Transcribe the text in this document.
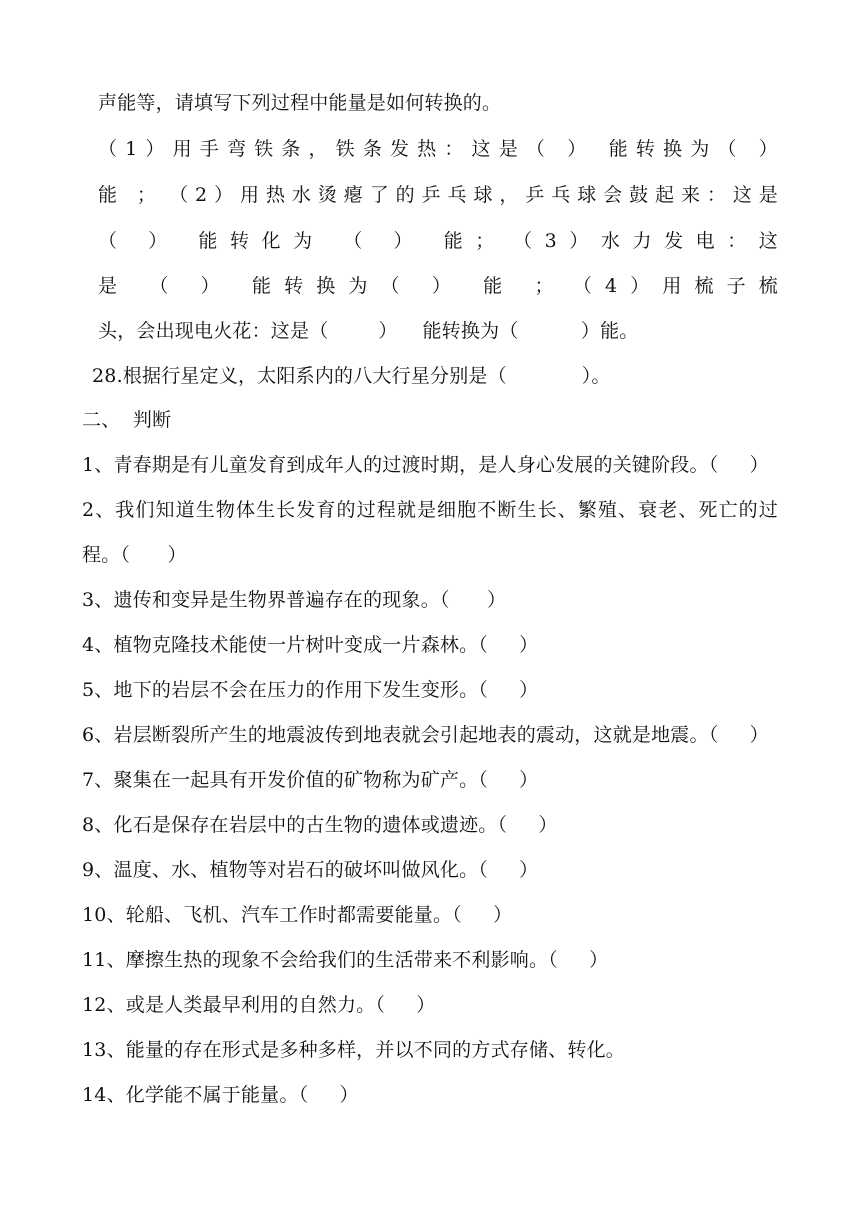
声能等，请填写下列过程中能量是如何转换的。
（1）用手弯铁条，铁条发热：这是（ ） 能转换为（ ）
能 ； （2）用热水烫瘪了的乒乓球，乒乓球会鼓起来：这是
（ ） 能转化为 （ ） 能； （3）水力发电：这
是 （ ） 能转换为（ ） 能 ； （4）用梳子梳
头，会出现电火花：这是（        ）    能转换为（          ）能。
28.根据行星定义，太阳系内的八大行星分别是（            ）。
二、  判断
1、青春期是有儿童发育到成年人的过渡时期，是人身心发展的关键阶段。（     ）
2、我们知道生物体生长发育的过程就是细胞不断生长、繁殖、衰老、死亡的过
程。（      ）
3、遗传和变异是生物界普遍存在的现象。（      ）
4、植物克隆技术能使一片树叶变成一片森林。（     ）
5、地下的岩层不会在压力的作用下发生变形。（     ）
6、岩层断裂所产生的地震波传到地表就会引起地表的震动，这就是地震。（     ）
7、聚集在一起具有开发价值的矿物称为矿产。（     ）
8、化石是保存在岩层中的古生物的遗体或遗迹。（     ）
9、温度、水、植物等对岩石的破坏叫做风化。（     ）
10、轮船、飞机、汽车工作时都需要能量。（     ）
11、摩擦生热的现象不会给我们的生活带来不利影响。（     ）
12、或是人类最早利用的自然力。（     ）
13、能量的存在形式是多种多样，并以不同的方式存储、转化。
14、化学能不属于能量。（     ）
